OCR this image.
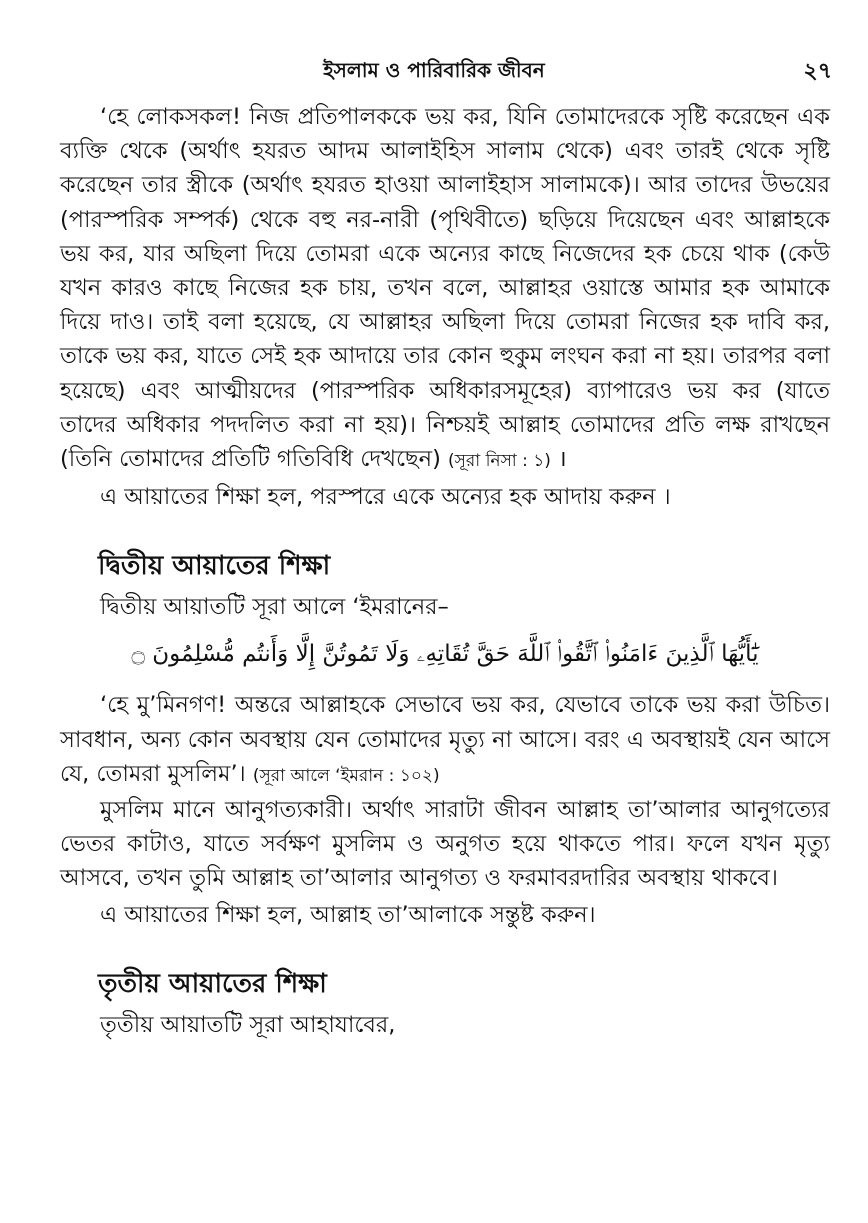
ইসলাম ও পারিবারিক জীবন	২৭

‘হে লোকসকল! নিজ প্রতিপালককে ভয় কর, যিনি তোমাদেরকে সৃষ্টি করেছেন এক ব্যক্তি থেকে (অর্থাৎ হযরত আদম আলাইহিস সালাম থেকে) এবং তারই থেকে সৃষ্টি করেছেন তার স্ত্রীকে (অর্থাৎ হযরত হাওয়া আলাইহাস সালামকে)। আর তাদের উভয়ের (পারস্পরিক সম্পর্ক) থেকে বহু নর-নারী (পৃথিবীতে) ছড়িয়ে দিয়েছেন এবং আল্লাহকে ভয় কর, যার অছিলা দিয়ে তোমরা একে অন্যের কাছে নিজেদের হক চেয়ে থাক (কেউ যখন কারও কাছে নিজের হক চায়, তখন বলে, আল্লাহর ওয়াস্তে আমার হক আমাকে দিয়ে দাও। তাই বলা হয়েছে, যে আল্লাহর অছিলা দিয়ে তোমরা নিজের হক দাবি কর, তাকে ভয় কর, যাতে সেই হক আদায়ে তার কোন হুকুম লংঘন করা না হয়। তারপর বলা হয়েছে) এবং আত্মীয়দের (পারস্পরিক অধিকারসমূহের) ব্যাপারেও ভয় কর (যাতে তাদের অধিকার পদদলিত করা না হয়)। নিশ্চয়ই আল্লাহ তোমাদের প্রতি লক্ষ রাখছেন (তিনি তোমাদের প্রতিটি গতিবিধি দেখছেন) (সূরা নিসা : ১) ।

এ আয়াতের শিক্ষা হল, পরস্পরে একে অন্যের হক আদায় করুন ।

দ্বিতীয় আয়াতের শিক্ষা
দ্বিতীয় আয়াতটি সূরা আলে ‘ইমরানের–
يَٰٓأَيُّهَا ٱلَّذِينَ ءَامَنُوا۟ ٱتَّقُوا۟ ٱللَّهَ حَقَّ تُقَاتِهِۦ وَلَا تَمُوتُنَّ إِلَّا وَأَنتُم مُّسْلِمُونَ ۝

‘হে মু’মিনগণ! অন্তরে আল্লাহকে সেভাবে ভয় কর, যেভাবে তাকে ভয় করা উচিত। সাবধান, অন্য কোন অবস্থায় যেন তোমাদের মৃত্যু না আসে। বরং এ অবস্থায়ই যেন আসে যে, তোমরা মুসলিম’। (সূরা আলে ‘ইমরান : ১০২)

মুসলিম মানে আনুগত্যকারী। অর্থাৎ সারাটা জীবন আল্লাহ তা’আলার আনুগত্যের ভেতর কাটাও, যাতে সর্বক্ষণ মুসলিম ও অনুগত হয়ে থাকতে পার। ফলে যখন মৃত্যু আসবে, তখন তুমি আল্লাহ তা’আলার আনুগত্য ও ফরমাবরদারির অবস্থায় থাকবে।

এ আয়াতের শিক্ষা হল, আল্লাহ তা’আলাকে সন্তুষ্ট করুন।

তৃতীয় আয়াতের শিক্ষা
তৃতীয় আয়াতটি সূরা আহাযাবের,
